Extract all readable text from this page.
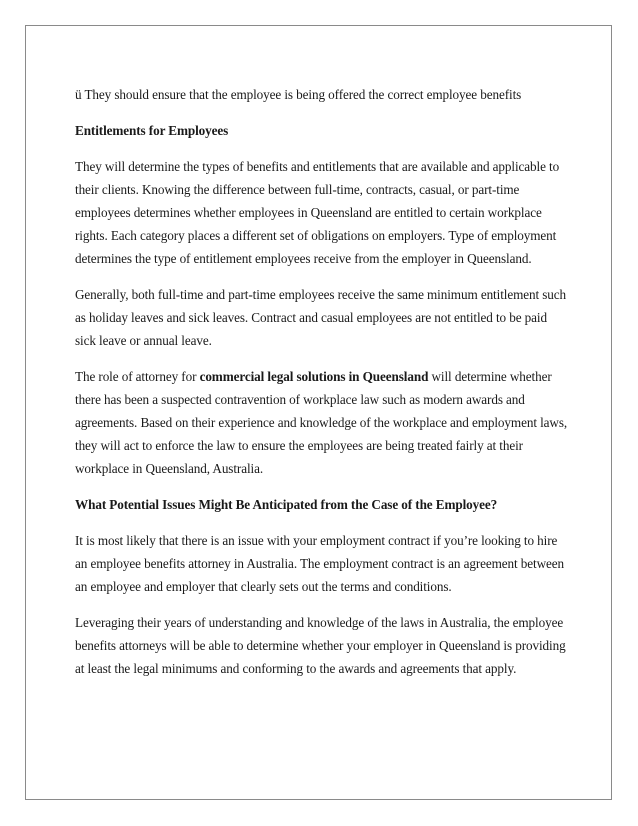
ü They should ensure that the employee is being offered the correct employee benefits

Entitlements for Employees

They will determine the types of benefits and entitlements that are available and applicable to their clients. Knowing the difference between full-time, contracts, casual, or part-time employees determines whether employees in Queensland are entitled to certain workplace rights. Each category places a different set of obligations on employers. Type of employment determines the type of entitlement employees receive from the employer in Queensland.

Generally, both full-time and part-time employees receive the same minimum entitlement such as holiday leaves and sick leaves. Contract and casual employees are not entitled to be paid sick leave or annual leave.

The role of attorney for commercial legal solutions in Queensland will determine whether there has been a suspected contravention of workplace law such as modern awards and agreements. Based on their experience and knowledge of the workplace and employment laws, they will act to enforce the law to ensure the employees are being treated fairly at their workplace in Queensland, Australia.

What Potential Issues Might Be Anticipated from the Case of the Employee?

It is most likely that there is an issue with your employment contract if you’re looking to hire an employee benefits attorney in Australia. The employment contract is an agreement between an employee and employer that clearly sets out the terms and conditions.

Leveraging their years of understanding and knowledge of the laws in Australia, the employee benefits attorneys will be able to determine whether your employer in Queensland is providing at least the legal minimums and conforming to the awards and agreements that apply.
